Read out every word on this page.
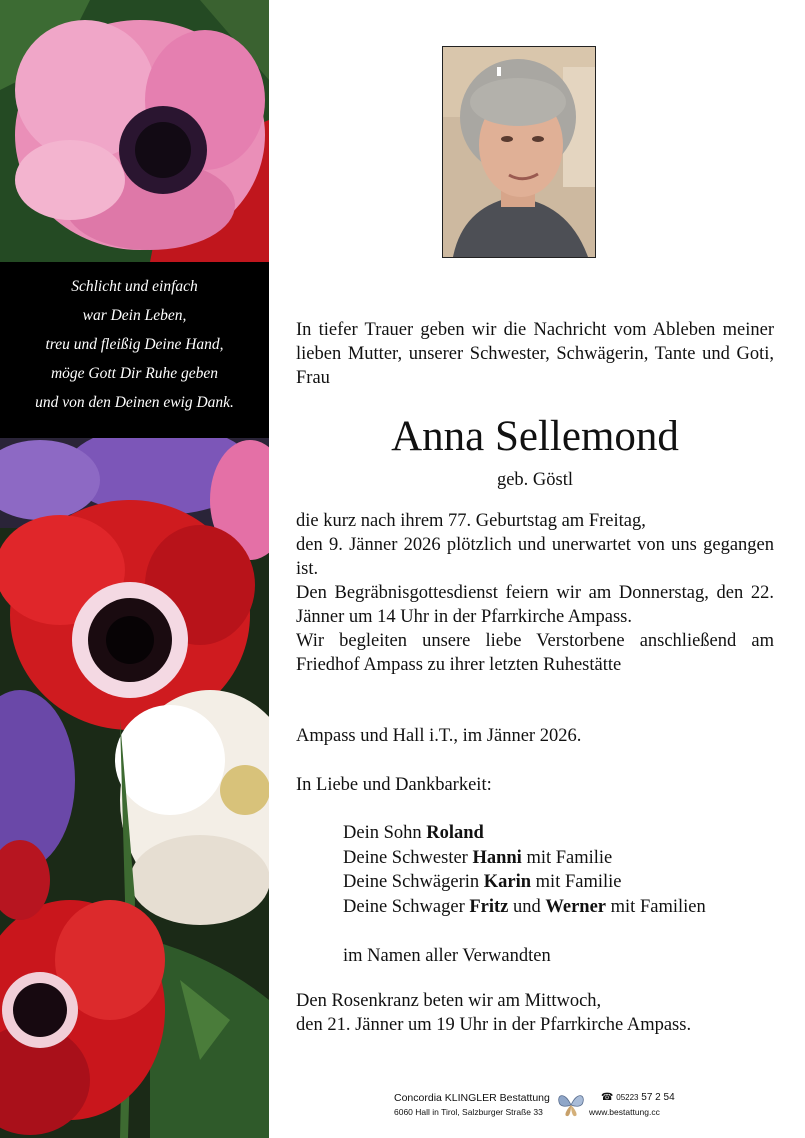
Schlicht und einfach
war Dein Leben,
treu und fleißig Deine Hand,
möge Gott Dir Ruhe geben
und von den Deinen ewig Dank.
In tiefer Trauer geben wir die Nachricht vom Ableben meiner lieben Mutter, unserer Schwester, Schwägerin, Tante und Goti, Frau
Anna Sellemond
geb. Göstl
die kurz nach ihrem 77. Geburtstag am Freitag,
den 9. Jänner 2026 plötzlich und unerwartet von uns gegangen ist.
Den Begräbnisgottesdienst feiern wir am Donnerstag, den 22. Jänner um 14 Uhr in der Pfarrkirche Ampass.
Wir begleiten unsere liebe Verstorbene anschließend am Friedhof Ampass zu ihrer letzten Ruhestätte
Ampass und Hall i.T., im Jänner 2026.
In Liebe und Dankbarkeit:
Dein Sohn Roland
Deine Schwester Hanni mit Familie
Deine Schwägerin Karin mit Familie
Deine Schwager Fritz und Werner mit Familien
im Namen aller Verwandten
Den Rosenkranz beten wir am Mittwoch,
den 21. Jänner um 19 Uhr in der Pfarrkirche Ampass.
Concordia KLINGLER Bestattung
6060 Hall in Tirol, Salzburger Straße 33
☎ 05223 57 2 54
www.bestattung.cc
